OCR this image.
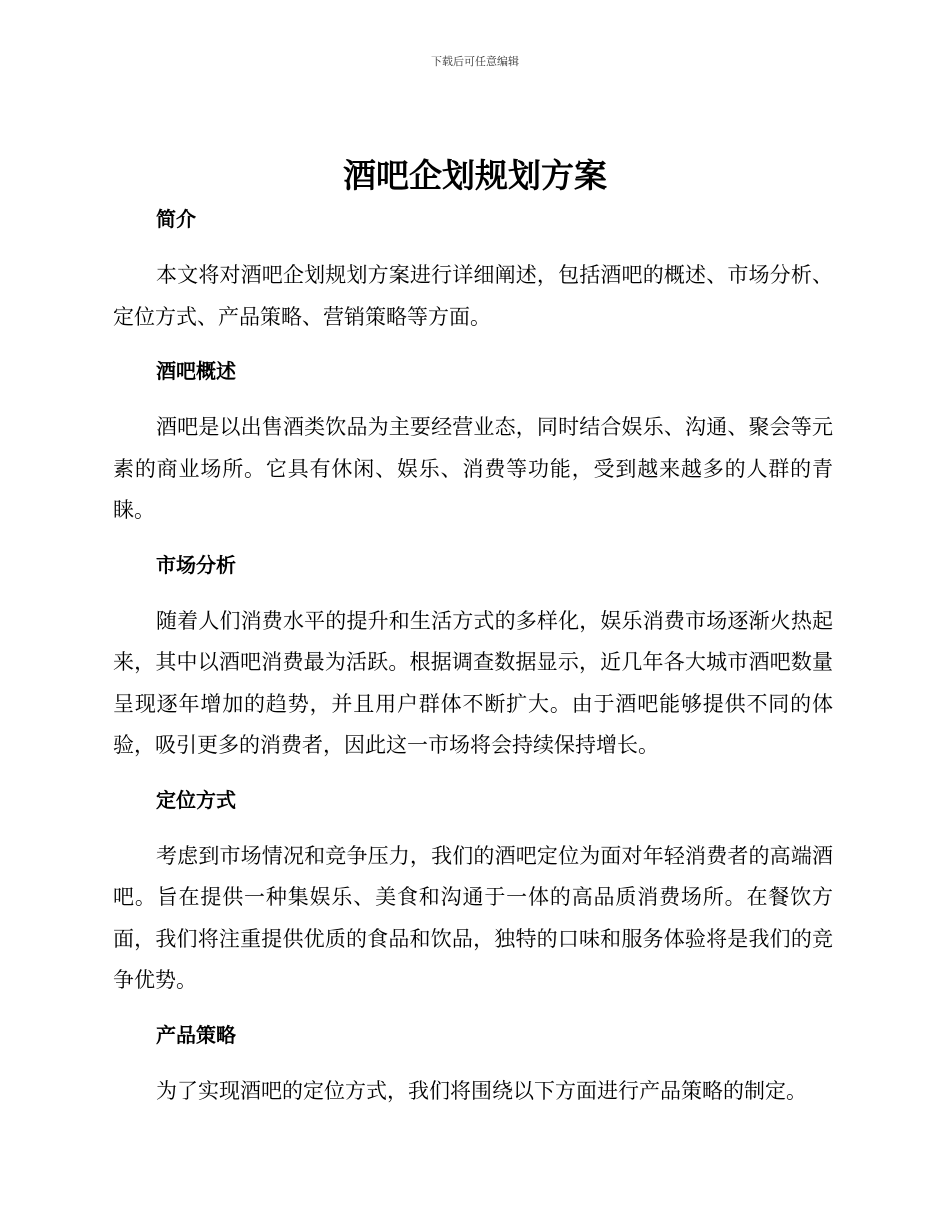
下载后可任意编辑
酒吧企划规划方案
简介

本文将对酒吧企划规划方案进行详细阐述，包括酒吧的概述、市场分析、定位方式、产品策略、营销策略等方面。

酒吧概述

酒吧是以出售酒类饮品为主要经营业态，同时结合娱乐、沟通、聚会等元素的商业场所。它具有休闲、娱乐、消费等功能，受到越来越多的人群的青睐。

市场分析

随着人们消费水平的提升和生活方式的多样化，娱乐消费市场逐渐火热起来，其中以酒吧消费最为活跃。根据调查数据显示，近几年各大城市酒吧数量呈现逐年增加的趋势，并且用户群体不断扩大。由于酒吧能够提供不同的体验，吸引更多的消费者，因此这一市场将会持续保持增长。

定位方式

考虑到市场情况和竞争压力，我们的酒吧定位为面对年轻消费者的高端酒吧。旨在提供一种集娱乐、美食和沟通于一体的高品质消费场所。在餐饮方面，我们将注重提供优质的食品和饮品，独特的口味和服务体验将是我们的竞争优势。

产品策略

为了实现酒吧的定位方式，我们将围绕以下方面进行产品策略的制定。
